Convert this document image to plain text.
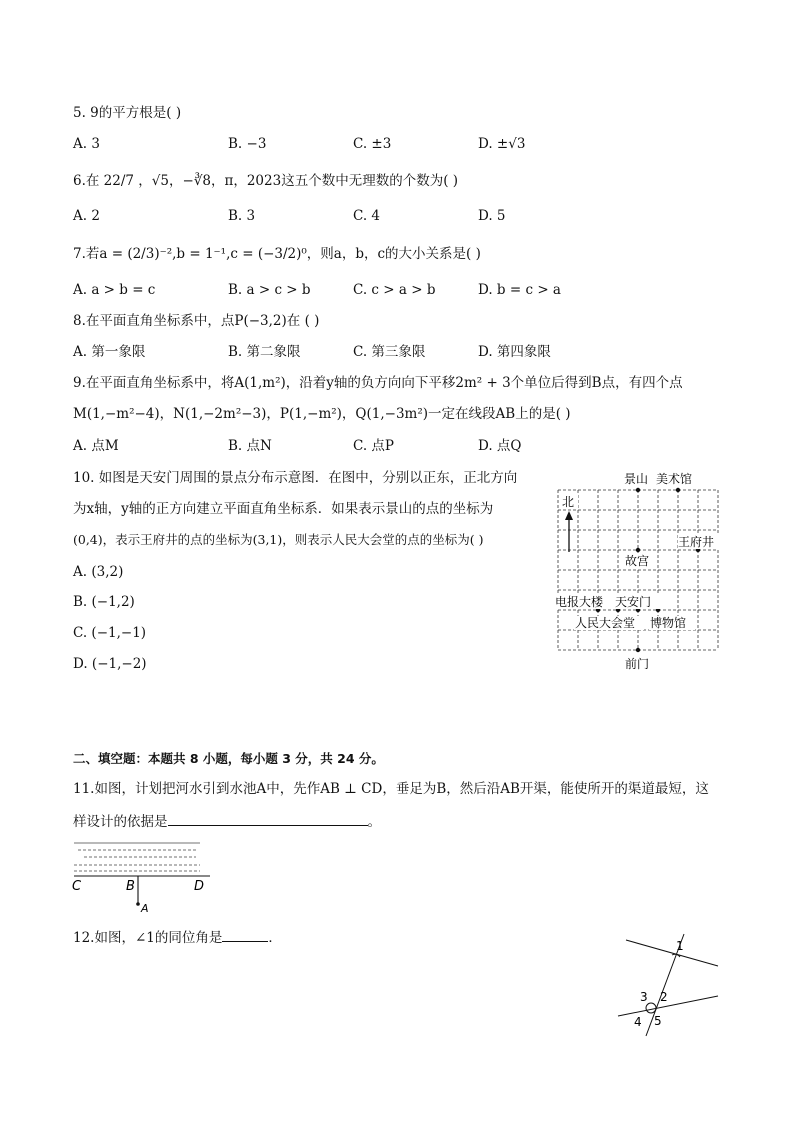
5. 9的平方根是( )
A. 3	B. −3	C. ±3	D. ±√3
6.在 22/7 ，√5，−∛8，π，2023这五个数中无理数的个数为( )
A. 2	B. 3	C. 4	D. 5
7.若a = (2/3)⁻²,b = 1⁻¹,c = (−3/2)⁰，则a，b，c的大小关系是( )
A. a > b = c	B. a > c > b	C. c > a > b	D. b = c > a
8.在平面直角坐标系中，点P(−3,2)在 ( )
A. 第一象限	B. 第二象限	C. 第三象限	D. 第四象限
9.在平面直角坐标系中，将A(1,m²)，沿着y轴的负方向向下平移2m² + 3个单位后得到B点，有四个点
M(1,−m²−4)，N(1,−2m²−3)，P(1,−m²)，Q(1,−3m²)一定在线段AB上的是( )
A. 点M	B. 点N	C. 点P	D. 点Q
10. 如图是天安门周围的景点分布示意图．在图中，分别以正东，正北方向
为x轴，y轴的正方向建立平面直角坐标系．如果表示景山的点的坐标为
(0,4)，表示王府井的点的坐标为(3,1)，则表示人民大会堂的点的坐标为( )
A. (3,2)
B. (−1,2)
C. (−1,−1)
D. (−1,−2)
北
景山 美术馆
王府井
故宫
电报大楼 天安门
人民大会堂 博物馆
前门
二、填空题：本题共 8 小题，每小题 3 分，共 24 分。
11.如图，计划把河水引到水池A中，先作AB ⊥ CD，垂足为B，然后沿AB开渠，能使所开的渠道最短，这
样设计的依据是	。
C	B	D
A
12.如图，∠1的同位角是	．	1
2
3
4 5
